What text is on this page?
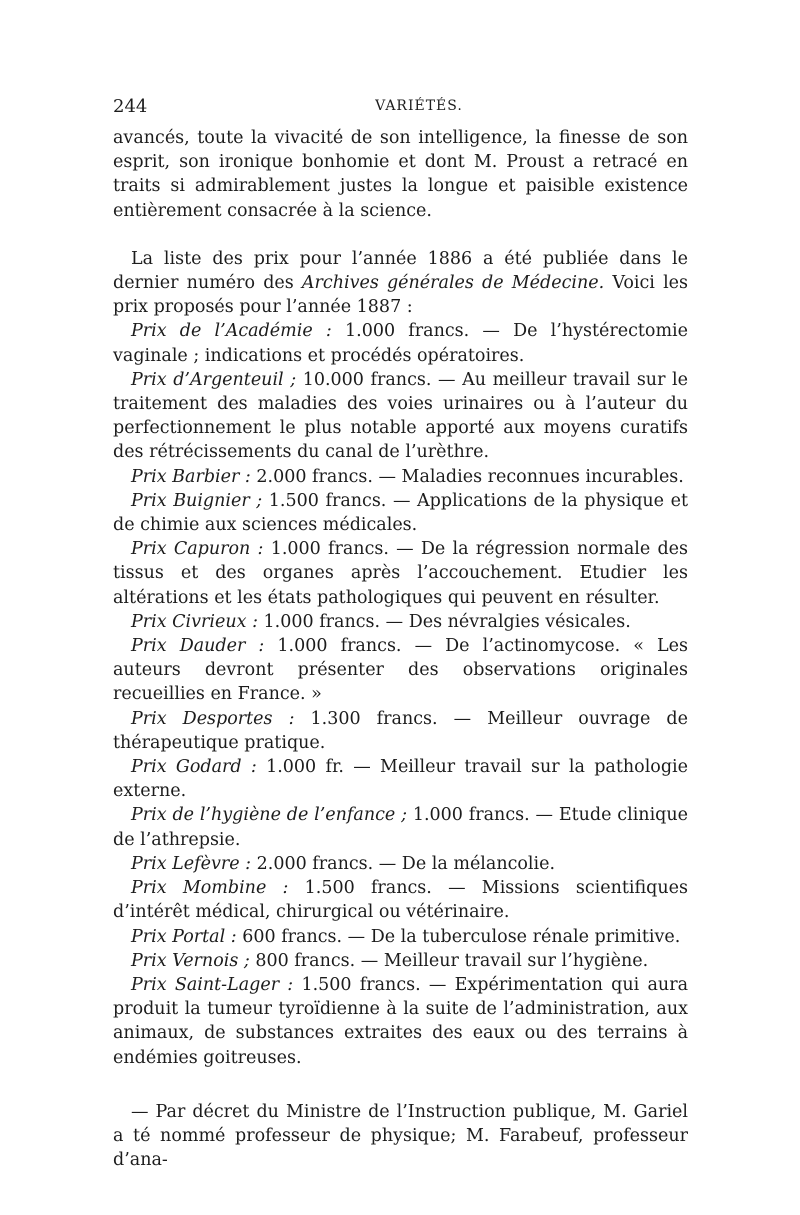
244	VARIÉTÉS.

avancés, toute la vivacité de son intelligence, la finesse de son esprit, son ironique bonhomie et dont M. Proust a retracé en traits si admirablement justes la longue et paisible existence entièrement consacrée à la science.

La liste des prix pour l’année 1886 a été publiée dans le dernier numéro des Archives générales de Médecine. Voici les prix proposés pour l’année 1887 :

Prix de l’Académie : 1.000 francs. — De l’hystérectomie vaginale ; indications et procédés opératoires.

Prix d’Argenteuil ; 10.000 francs. — Au meilleur travail sur le traitement des maladies des voies urinaires ou à l’auteur du perfectionnement le plus notable apporté aux moyens curatifs des rétrécissements du canal de l’urèthre.

Prix Barbier : 2.000 francs. — Maladies reconnues incurables.

Prix Buignier ; 1.500 francs. — Applications de la physique et de chimie aux sciences médicales.

Prix Capuron : 1.000 francs. — De la régression normale des tissus et des organes après l’accouchement. Etudier les altérations et les états pathologiques qui peuvent en résulter.

Prix Civrieux : 1.000 francs. — Des névralgies vésicales.

Prix Dauder : 1.000 francs. — De l’actinomycose. « Les auteurs devront présenter des observations originales recueillies en France. »

Prix Desportes : 1.300 francs. — Meilleur ouvrage de thérapeutique pratique.

Prix Godard : 1.000 fr. — Meilleur travail sur la pathologie externe.

Prix de l’hygiène de l’enfance ; 1.000 francs. — Etude clinique de l’athrepsie.

Prix Lefèvre : 2.000 francs. — De la mélancolie.

Prix Mombine : 1.500 francs. — Missions scientifiques d’intérêt médical, chirurgical ou vétérinaire.

Prix Portal : 600 francs. — De la tuberculose rénale primitive.

Prix Vernois ; 800 francs. — Meilleur travail sur l’hygiène.

Prix Saint-Lager : 1.500 francs. — Expérimentation qui aura produit la tumeur tyroïdienne à la suite de l’administration, aux animaux, de substances extraites des eaux ou des terrains à endémies goitreuses.

— Par décret du Ministre de l’Instruction publique, M. Gariel a té nommé professeur de physique; M. Farabeuf, professeur d’ana-
